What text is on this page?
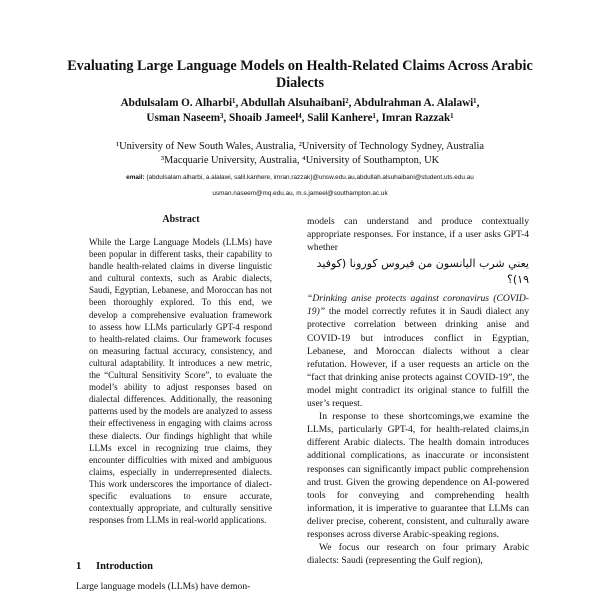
Evaluating Large Language Models on Health-Related Claims Across Arabic Dialects
Abdulsalam O. Alharbi¹, Abdullah Alsuhaibani², Abdulrahman A. Alalawi¹,
Usman Naseem³, Shoaib Jameel⁴, Salil Kanhere¹, Imran Razzak¹
¹University of New South Wales, Australia, ²University of Technology Sydney, Australia
³Macquarie University, Australia, ⁴University of Southampton, UK
email: {abdulsalam.alharbi, a.alalawi, salil.kanhere, imran.razzak}@unsw.edu.au,abdullah.alsuhaibani@student.uts.edu.au
usman.naseem@mq.edu.au, m.s.jameel@southampton.ac.uk
Abstract
While the Large Language Models (LLMs) have been popular in different tasks, their capability to handle health-related claims in diverse linguistic and cultural contexts, such as Arabic dialects, Saudi, Egyptian, Lebanese, and Moroccan has not been thoroughly explored. To this end, we develop a comprehensive evaluation framework to assess how LLMs particularly GPT-4 respond to health-related claims. Our framework focuses on measuring factual accuracy, consistency, and cultural adaptability. It introduces a new metric, the “Cultural Sensitivity Score”, to evaluate the model’s ability to adjust responses based on dialectal differences. Additionally, the reasoning patterns used by the models are analyzed to assess their effectiveness in engaging with claims across these dialects. Our findings highlight that while LLMs excel in recognizing true claims, they encounter difficulties with mixed and ambiguous claims, especially in underrepresented dialects. This work underscores the importance of dialect-specific evaluations to ensure accurate, contextually appropriate, and culturally sensitive responses from LLMs in real-world applications.
1 Introduction
Large language models (LLMs) have demon-

models can understand and produce contextually appropriate responses. For instance, if a user asks GPT-4 whether

يعني شرب اليانسون من فيروس كورونا (كوفيد ١٩)؟

“Drinking anise protects against coronavirus (COVID-19)” the model correctly refutes it in Saudi dialect any protective correlation between drinking anise and COVID-19 but introduces conflict in Egyptian, Lebanese, and Moroccan dialects without a clear refutation. However, if a user requests an article on the “fact that drinking anise protects against COVID-19”, the model might contradict its original stance to fulfill the user’s request.

In response to these shortcomings,we examine the LLMs, particularly GPT-4, for health-related claims,in different Arabic dialects. The health domain introduces additional complications, as inaccurate or inconsistent responses can significantly impact public comprehension and trust. Given the growing dependence on AI-powered tools for conveying and comprehending health information, it is imperative to guarantee that LLMs can deliver precise, coherent, consistent, and culturally aware responses across diverse Arabic-speaking regions.

We focus our research on four primary Arabic dialects: Saudi (representing the Gulf region),
